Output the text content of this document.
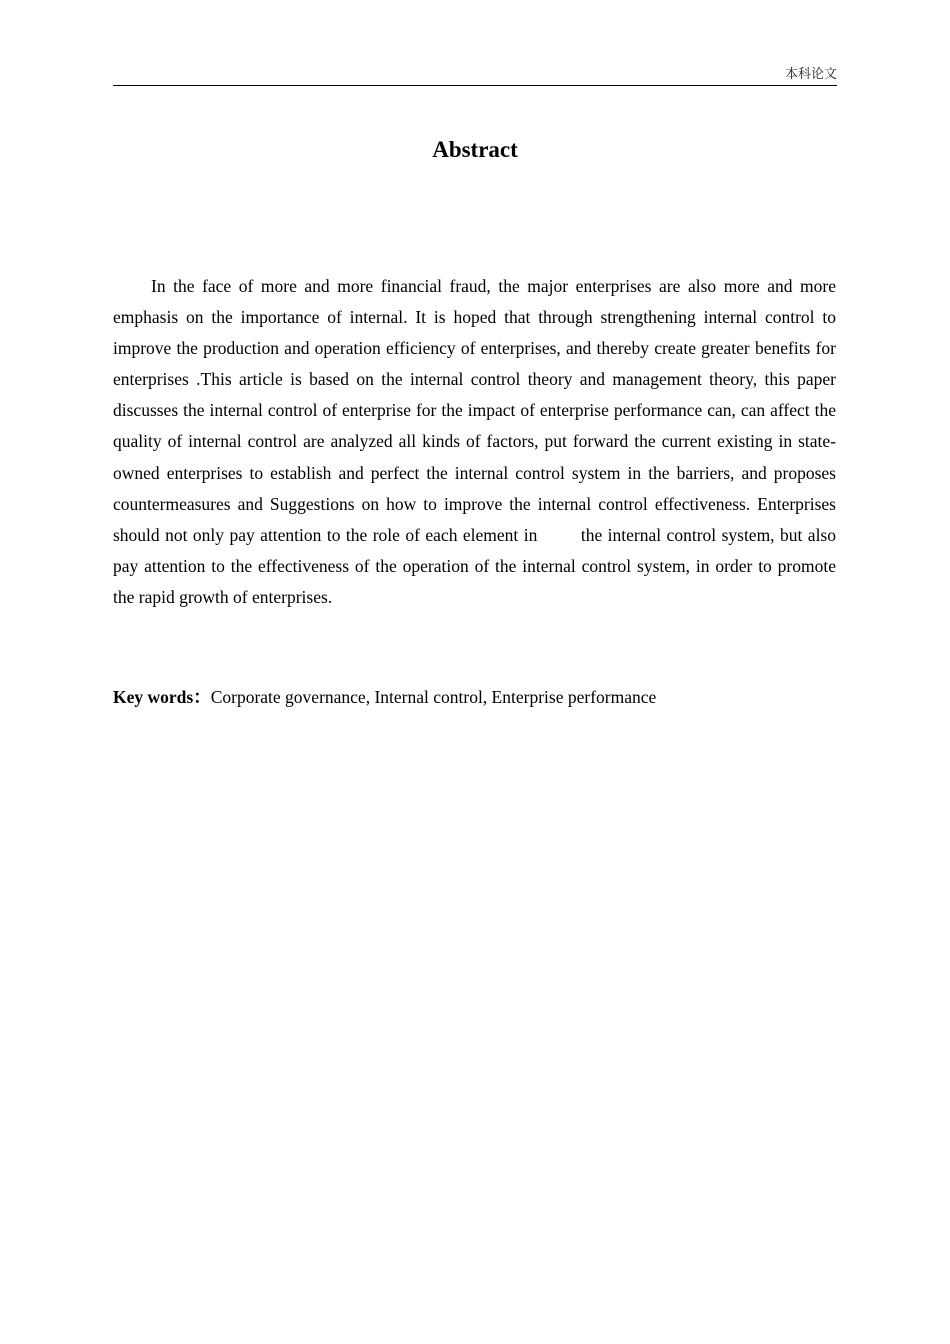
本科论文
Abstract

In the face of more and more financial fraud, the major enterprises are also more and more emphasis on the importance of internal. It is hoped that through strengthening internal control to improve the production and operation efficiency of enterprises, and thereby create greater benefits for enterprises .This article is based on the internal control theory and management theory, this paper discusses the internal control of enterprise for the impact of enterprise performance can, can affect the quality of internal control are analyzed all kinds of factors, put forward the current existing in state-owned enterprises to establish and perfect the internal control system in the barriers, and proposes countermeasures and Suggestions on how to improve the internal control effectiveness. Enterprises should not only pay attention to the role of each element in        the internal control system, but also pay attention to the effectiveness of the operation of the internal control system, in order to promote the rapid growth of enterprises.

Key words：Corporate governance, Internal control, Enterprise performance
